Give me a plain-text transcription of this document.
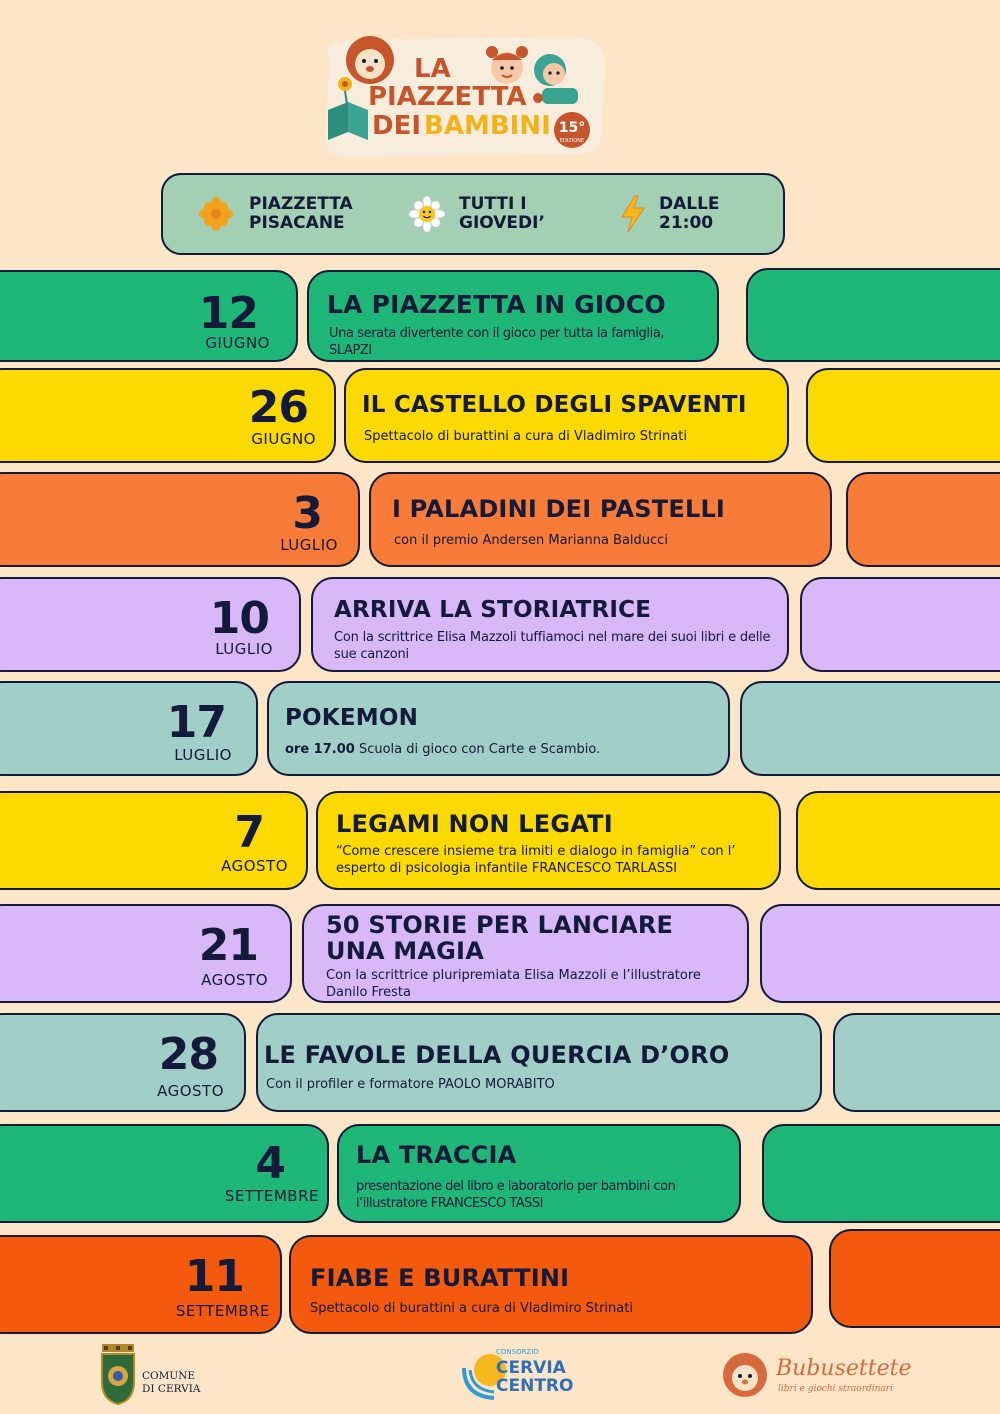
LA
PIAZZETTA
DEI BAMBINI 15°
EDIZIONE
PIAZZETTA
PISACANE
TUTTI I
GIOVEDI’
DALLE
21:00
12
GIUGNO
LA PIAZZETTA IN GIOCO
Una serata divertente con il gioco per tutta la famiglia, SLAPZI
26
GIUGNO
IL CASTELLO DEGLI SPAVENTI
Spettacolo di burattini a cura di Vladimiro Strinati
3
LUGLIO
I PALADINI DEI PASTELLI
con il premio Andersen Marianna Balducci
10
LUGLIO
ARRIVA LA STORIATRICE
Con la scrittrice Elisa Mazzoli tuffiamoci nel mare dei suoi libri e delle sue canzoni
17
LUGLIO
POKEMON
ore 17.00 Scuola di gioco con Carte e Scambio.
7
AGOSTO
LEGAMI NON LEGATI
“Come crescere insieme tra limiti e dialogo in famiglia” con l’ esperto di psicologia infantile FRANCESCO TARLASSI
21
AGOSTO
50 STORIE PER LANCIARE
UNA MAGIA
Con la scrittrice pluripremiata Elisa Mazzoli e l’illustratore Danilo Fresta
28
AGOSTO
LE FAVOLE DELLA QUERCIA D’ORO
Con il profiler e formatore PAOLO MORABITO
4
SETTEMBRE
LA TRACCIA
presentazione del libro e laboratorio per bambini con l’illustratore FRANCESCO TASSI
11
SETTEMBRE
FIABE E BURATTINI
Spettacolo di burattini a cura di Vladimiro Strinati
COMUNE
DI CERVIA
CONSORZIO
CERVIA
CENTRO
Bubusettete
libri e giochi straordinari
